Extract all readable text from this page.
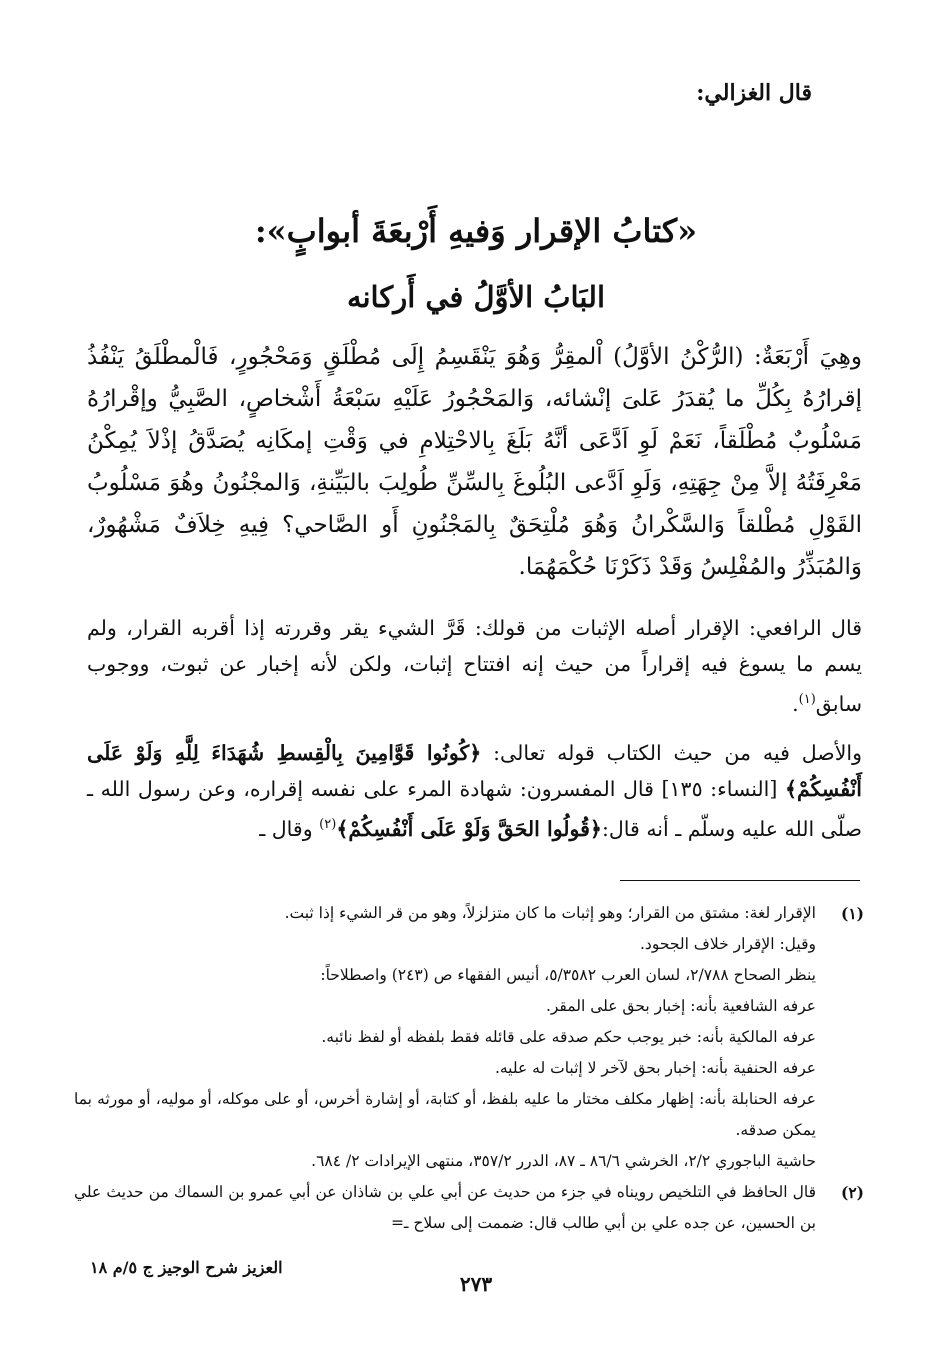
قال الغزالي:

«كتابُ الإقرار وَفيهِ أَرْبعَةَ أبوابٍ»:
البَابُ الأوَّلُ في أَركانه

وهِيَ أَرْبَعَةٌ: (الرُّكْنُ الأوَّلُ) اْلمقِرُّ وَهُوَ يَنْقَسِمُ إِلَى مُطْلَقٍ وَمَحْجُورٍ، فَالْمطْلَقُ يَنْفُذُ إقرارُهُ بِكُلِّ ما يُقدَرُ عَلىَ إنْشائه، وَالمَحْجُورُ عَلَيْهِ سَبْعَةُ أَشْخاصٍ، الصَّبِيُّ وإقْرارُهُ مَسْلُوبٌ مُطْلَقاً، نَعَمْ لَوِ اَدَّعَى أنَّهُ بَلَغَ بِالاحْتِلامِ في وَقْتِ إمكَانِه يُصَدَّقُ إذْلاَ يُمِكْنُ مَعْرِفَتُهُ إلاَّ مِنْ جِهَتِهِ، وَلَوِ اَدَّعى البُلُوغَ بِالسِّنِّ طُولِبَ بالبَيِّنةِ، وَالمجْنُونُ وهُوَ مَسْلُوبُ القَوْلِ مُطْلقاً وَالسَّكْرانُ وَهُوَ مُلْتِحَقٌ بِالمَجْنُونِ أَو الصَّاحي؟ فِيهِ خِلاَفٌ مَشْهُورٌ، وَالمُبَذِّرُ والمُفْلِسُ وَقَدْ ذَكَرْنَا حُكْمَهُمَا.

قال الرافعي: الإقرار أصله الإثبات من قولك: قَرَّ الشيء يقر وقررته إذا أقربه القرار، ولم يسم ما يسوغ فيه إقراراً من حيث إنه افتتاح إثبات، ولكن لأنه إخبار عن ثبوت، ووجوب سابق$^{(١)}$.

والأصل فيه من حيث الكتاب قوله تعالى: ﴿كُونُوا قَوَّامِينَ بِالْقِسطِ شُهَدَاءَ لِلَّهِ وَلَوْ عَلَى أَنْفُسِكُمْ﴾ [النساء: ١٣٥] قال المفسرون: شهادة المرء على نفسه إقراره، وعن رسول الله ـ صلّى الله عليه وسلّم ـ أنه قال:﴿قُولُوا الحَقَّ وَلَوْ عَلَى أَنْفُسِكُمْ﴾$^{(٢)}$ وقال ـ

(١)
الإقرار لغة: مشتق من القرار؛ وهو إثبات ما كان متزلزلاً، وهو من قر الشيء إذا ثبت.
وقيل: الإقرار خلاف الجحود.
ينظر الصحاح ٢/٧٨٨، لسان العرب ٥/٣٥٨٢، أنيس الفقهاء ص (٢٤٣) واصطلاحاً:
عرفه الشافعية بأنه: إخبار بحق على المقر.
عرفه المالكية بأنه: خبر يوجب حكم صدقه على قائله فقط بلفظه أو لفظ نائبه.
عرفه الحنفية بأنه: إخبار بحق لآخر لا إثبات له عليه.
عرفه الحنابلة بأنه: إظهار مكلف مختار ما عليه بلفظ، أو كتابة، أو إشارة أخرس، أو على موكله، أو موليه، أو مورثه بما يمكن صدقه.
حاشية الباجوري ٢/٢، الخرشي ٨٦/٦ ـ ٨٧، الدرر ٣٥٧/٢، منتهى الإيرادات ٢/ ٦٨٤.
(٢)
قال الحافظ في التلخيص رويناه في جزء من حديث عن أبي علي بن شاذان عن أبي عمرو بن السماك من حديث علي بن الحسين، عن جده علي بن أبي طالب قال: ضممت إلى سلاح ـ=
العزيز شرح الوجيز ج ٥/م ١٨
٢٧٣
